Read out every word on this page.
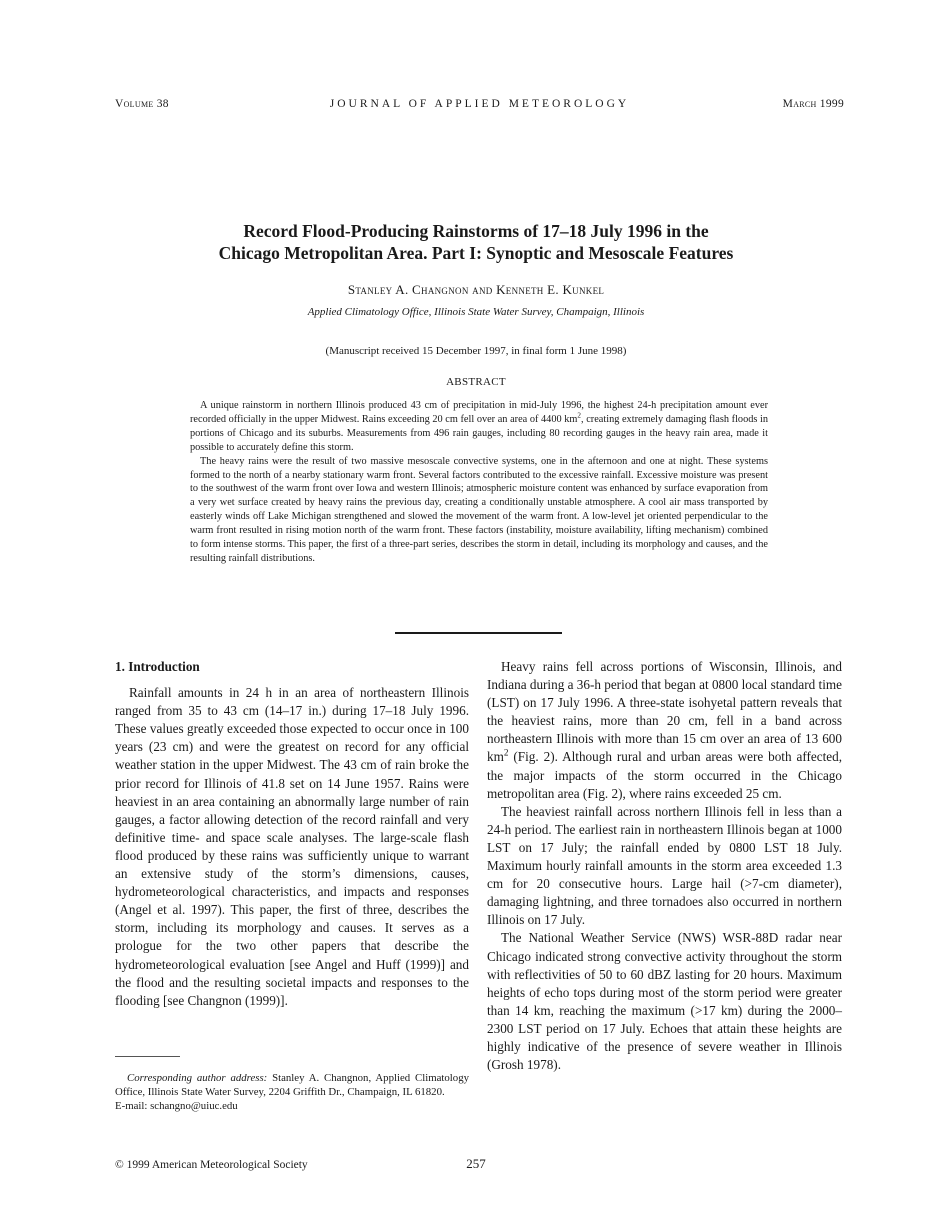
Volume 38	JOURNAL OF APPLIED METEOROLOGY	March 1999
Record Flood-Producing Rainstorms of 17–18 July 1996 in the
Chicago Metropolitan Area. Part I: Synoptic and Mesoscale Features
Stanley A. Changnon and Kenneth E. Kunkel
Applied Climatology Office, Illinois State Water Survey, Champaign, Illinois
(Manuscript received 15 December 1997, in final form 1 June 1998)
ABSTRACT

A unique rainstorm in northern Illinois produced 43 cm of precipitation in mid-July 1996, the highest 24-h precipitation amount ever recorded officially in the upper Midwest. Rains exceeding 20 cm fell over an area of 4400 $km^2$, creating extremely damaging flash floods in portions of Chicago and its suburbs. Measurements from 496 rain gauges, including 80 recording gauges in the heavy rain area, made it possible to accurately define this storm.

The heavy rains were the result of two massive mesoscale convective systems, one in the afternoon and one at night. These systems formed to the north of a nearby stationary warm front. Several factors contributed to the excessive rainfall. Excessive moisture was present to the southwest of the warm front over Iowa and western Illinois; atmospheric moisture content was enhanced by surface evaporation from a very wet surface created by heavy rains the previous day, creating a conditionally unstable atmosphere. A cool air mass transported by easterly winds off Lake Michigan strengthened and slowed the movement of the warm front. A low-level jet oriented perpendicular to the warm front resulted in rising motion north of the warm front. These factors (instability, moisture availability, lifting mechanism) combined to form intense storms. This paper, the first of a three-part series, describes the storm in detail, including its morphology and causes, and the resulting rainfall distributions.

1. Introduction

Rainfall amounts in 24 h in an area of northeastern Illinois ranged from 35 to 43 cm (14–17 in.) during 17–18 July 1996. These values greatly exceeded those expected to occur once in 100 years (23 cm) and were the greatest on record for any official weather station in the upper Midwest. The 43 cm of rain broke the prior record for Illinois of 41.8 set on 14 June 1957. Rains were heaviest in an area containing an abnormally large number of rain gauges, a factor allowing detection of the record rainfall and very definitive time- and space scale analyses. The large-scale flash flood produced by these rains was sufficiently unique to warrant an extensive study of the storm’s dimensions, causes, hydrometeorological characteristics, and impacts and responses (Angel et al. 1997). This paper, the first of three, describes the storm, including its morphology and causes. It serves as a prologue for the two other papers that describe the hydrometeorological evaluation [see Angel and Huff (1999)] and the flood and the resulting societal impacts and responses to the flooding [see Changnon (1999)].

Heavy rains fell across portions of Wisconsin, Illinois, and Indiana during a 36-h period that began at 0800 local standard time (LST) on 17 July 1996. A three-state isohyetal pattern reveals that the heaviest rains, more than 20 cm, fell in a band across northeastern Illinois with more than 15 cm over an area of 13 600 $km^2$ (Fig. 2). Although rural and urban areas were both affected, the major impacts of the storm occurred in the Chicago metropolitan area (Fig. 2), where rains exceeded 25 cm.

The heaviest rainfall across northern Illinois fell in less than a 24-h period. The earliest rain in northeastern Illinois began at 1000 LST on 17 July; the rainfall ended by 0800 LST 18 July. Maximum hourly rainfall amounts in the storm area exceeded 1.3 cm for 20 consecutive hours. Large hail (>7-cm diameter), damaging lightning, and three tornadoes also occurred in northern Illinois on 17 July.

The National Weather Service (NWS) WSR-88D radar near Chicago indicated strong convective activity throughout the storm with reflectivities of 50 to 60 dBZ lasting for 20 hours. Maximum heights of echo tops during most of the storm period were greater than 14 km, reaching the maximum (>17 km) during the 2000–2300 LST period on 17 July. Echoes that attain these heights are highly indicative of the presence of severe weather in Illinois (Grosh 1978).

Corresponding author address: Stanley A. Changnon, Applied Climatology Office, Illinois State Water Survey, 2204 Griffith Dr., Champaign, IL 61820.

E-mail: schangno@uiuc.edu

© 1999 American Meteorological Society	257
